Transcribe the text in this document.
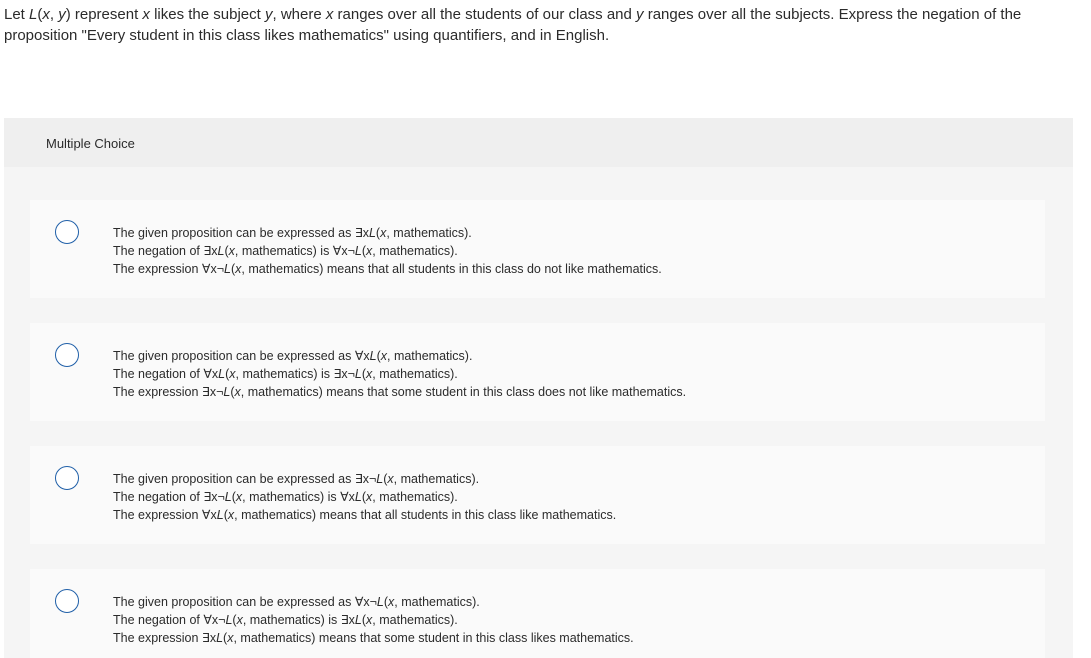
Let L(x, y) represent x likes the subject y, where x ranges over all the students of our class and y ranges over all the subjects. Express the negation of the proposition "Every student in this class likes mathematics" using quantifiers, and in English.
Multiple Choice
The given proposition can be expressed as ∃xL(x, mathematics).
The negation of ∃xL(x, mathematics) is ∀x¬L(x, mathematics).
The expression ∀x¬L(x, mathematics) means that all students in this class do not like mathematics.
The given proposition can be expressed as ∀xL(x, mathematics).
The negation of ∀xL(x, mathematics) is ∃x¬L(x, mathematics).
The expression ∃x¬L(x, mathematics) means that some student in this class does not like mathematics.
The given proposition can be expressed as ∃x¬L(x, mathematics).
The negation of ∃x¬L(x, mathematics) is ∀xL(x, mathematics).
The expression ∀xL(x, mathematics) means that all students in this class like mathematics.
The given proposition can be expressed as ∀x¬L(x, mathematics).
The negation of ∀x¬L(x, mathematics) is ∃xL(x, mathematics).
The expression ∃xL(x, mathematics) means that some student in this class likes mathematics.
